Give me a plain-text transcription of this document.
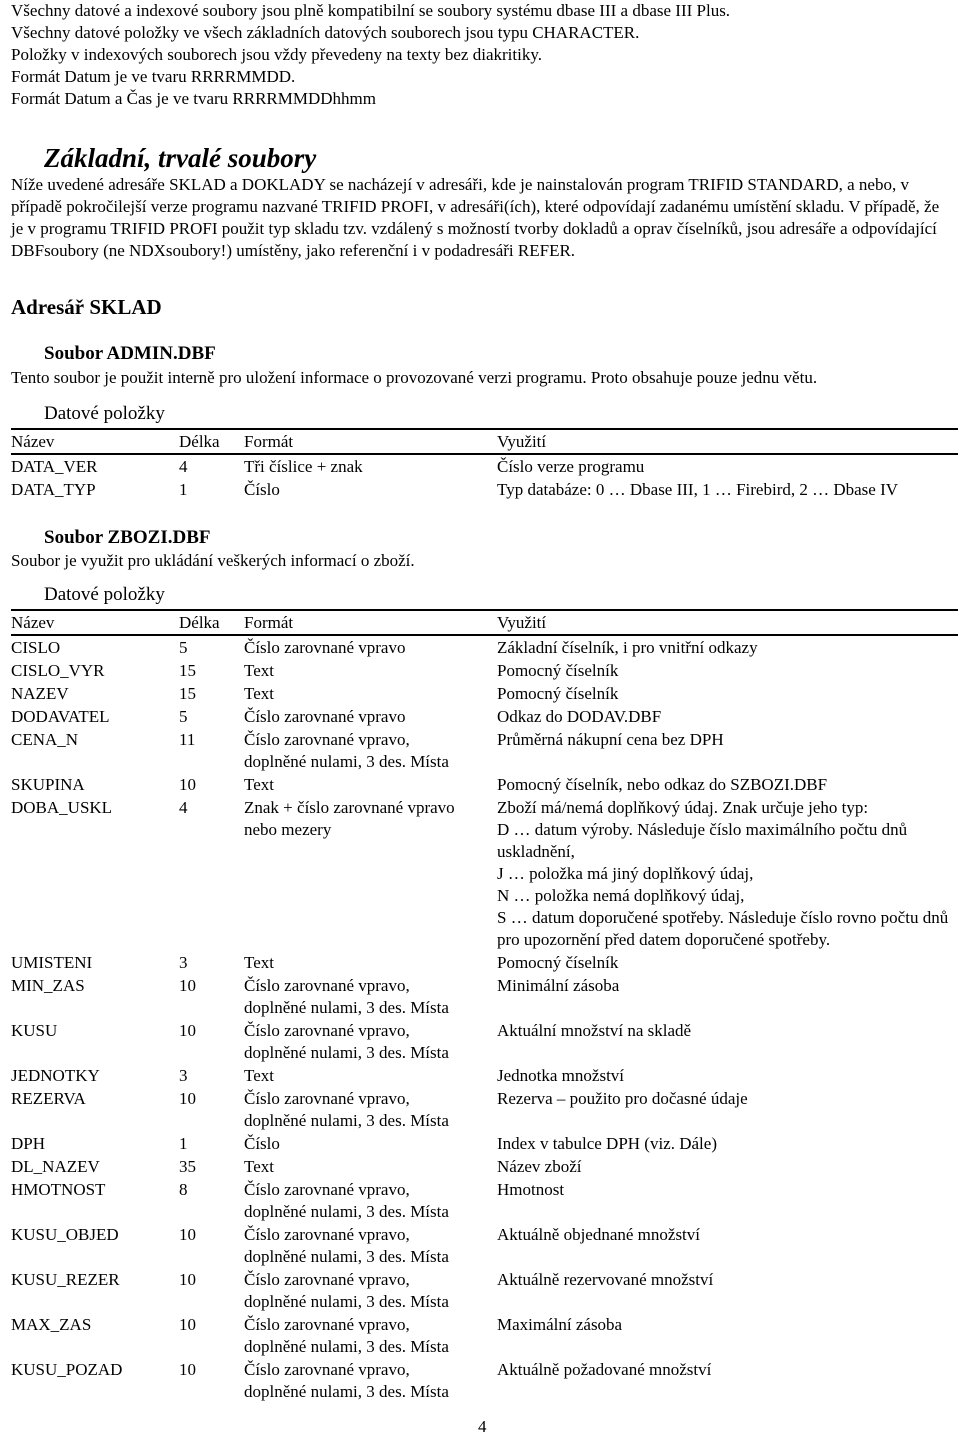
Všechny datové a indexové soubory jsou plně kompatibilní se soubory systému dbase III a dbase III Plus.

Všechny datové položky ve všech základních datových souborech jsou typu CHARACTER.

Položky v indexových souborech jsou vždy převedeny na texty bez diakritiky.

Formát Datum je ve tvaru RRRRMMDD.

Formát Datum a Čas je ve tvaru RRRRMMDDhhmm

Základní, trvalé soubory

Níže uvedené adresáře SKLAD a DOKLADY se nacházejí v adresáři, kde je nainstalován program TRIFID STANDARD, a nebo, v případě pokročilejší verze programu nazvané TRIFID PROFI, v adresáři(ích), které odpovídají zadanému umístění skladu. V případě, že je v programu TRIFID PROFI použit typ skladu tzv. vzdálený s možností tvorby dokladů a oprav číselníků, jsou adresáře a odpovídající DBFsoubory (ne NDXsoubory!) umístěny, jako referenční i v podadresáři REFER.

Adresář SKLAD
Soubor ADMIN.DBF

Tento soubor je použit interně pro uložení informace o provozované verzi programu. Proto obsahuje pouze jednu větu.

Datové položky

Název	Délka	Formát	Využití
DATA_VER	4	Tři číslice + znak	Číslo verze programu
DATA_TYP	1	Číslo	Typ databáze: 0 … Dbase III, 1 … Firebird, 2 … Dbase IV
Soubor ZBOZI.DBF

Soubor je využit pro ukládání veškerých informací o zboží.

Datové položky

Název	Délka	Formát	Využití
CISLO	5	Číslo zarovnané vpravo	Základní číselník, i pro vnitřní odkazy
CISLO_VYR	15	Text	Pomocný číselník
NAZEV	15	Text	Pomocný číselník
DODAVATEL	5	Číslo zarovnané vpravo	Odkaz do DODAV.DBF
CENA_N	11	Číslo zarovnané vpravo,
doplněné nulami, 3 des. Místa	Průměrná nákupní cena bez DPH
SKUPINA	10	Text	Pomocný číselník, nebo odkaz do SZBOZI.DBF
DOBA_USKL	4	Znak + číslo zarovnané vpravo
nebo mezery	Zboží má/nemá doplňkový údaj. Znak určuje jeho typ:
D … datum výroby. Následuje číslo maximálního počtu dnů uskladnění,
J … položka má jiný doplňkový údaj,
N … položka nemá doplňkový údaj,
S … datum doporučené spotřeby. Následuje číslo rovno počtu dnů pro upozornění před datem doporučené spotřeby.
UMISTENI	3	Text	Pomocný číselník
MIN_ZAS	10	Číslo zarovnané vpravo,
doplněné nulami, 3 des. Místa	Minimální zásoba
KUSU	10	Číslo zarovnané vpravo,
doplněné nulami, 3 des. Místa	Aktuální množství na skladě
JEDNOTKY	3	Text	Jednotka množství
REZERVA	10	Číslo zarovnané vpravo,
doplněné nulami, 3 des. Místa	Rezerva – použito pro dočasné údaje
DPH	1	Číslo	Index v tabulce DPH (viz. Dále)
DL_NAZEV	35	Text	Název zboží
HMOTNOST	8	Číslo zarovnané vpravo,
doplněné nulami, 3 des. Místa	Hmotnost
KUSU_OBJED	10	Číslo zarovnané vpravo,
doplněné nulami, 3 des. Místa	Aktuálně objednané množství
KUSU_REZER	10	Číslo zarovnané vpravo,
doplněné nulami, 3 des. Místa	Aktuálně rezervované množství
MAX_ZAS	10	Číslo zarovnané vpravo,
doplněné nulami, 3 des. Místa	Maximální zásoba
KUSU_POZAD	10	Číslo zarovnané vpravo,
doplněné nulami, 3 des. Místa	Aktuálně požadované množství
4
